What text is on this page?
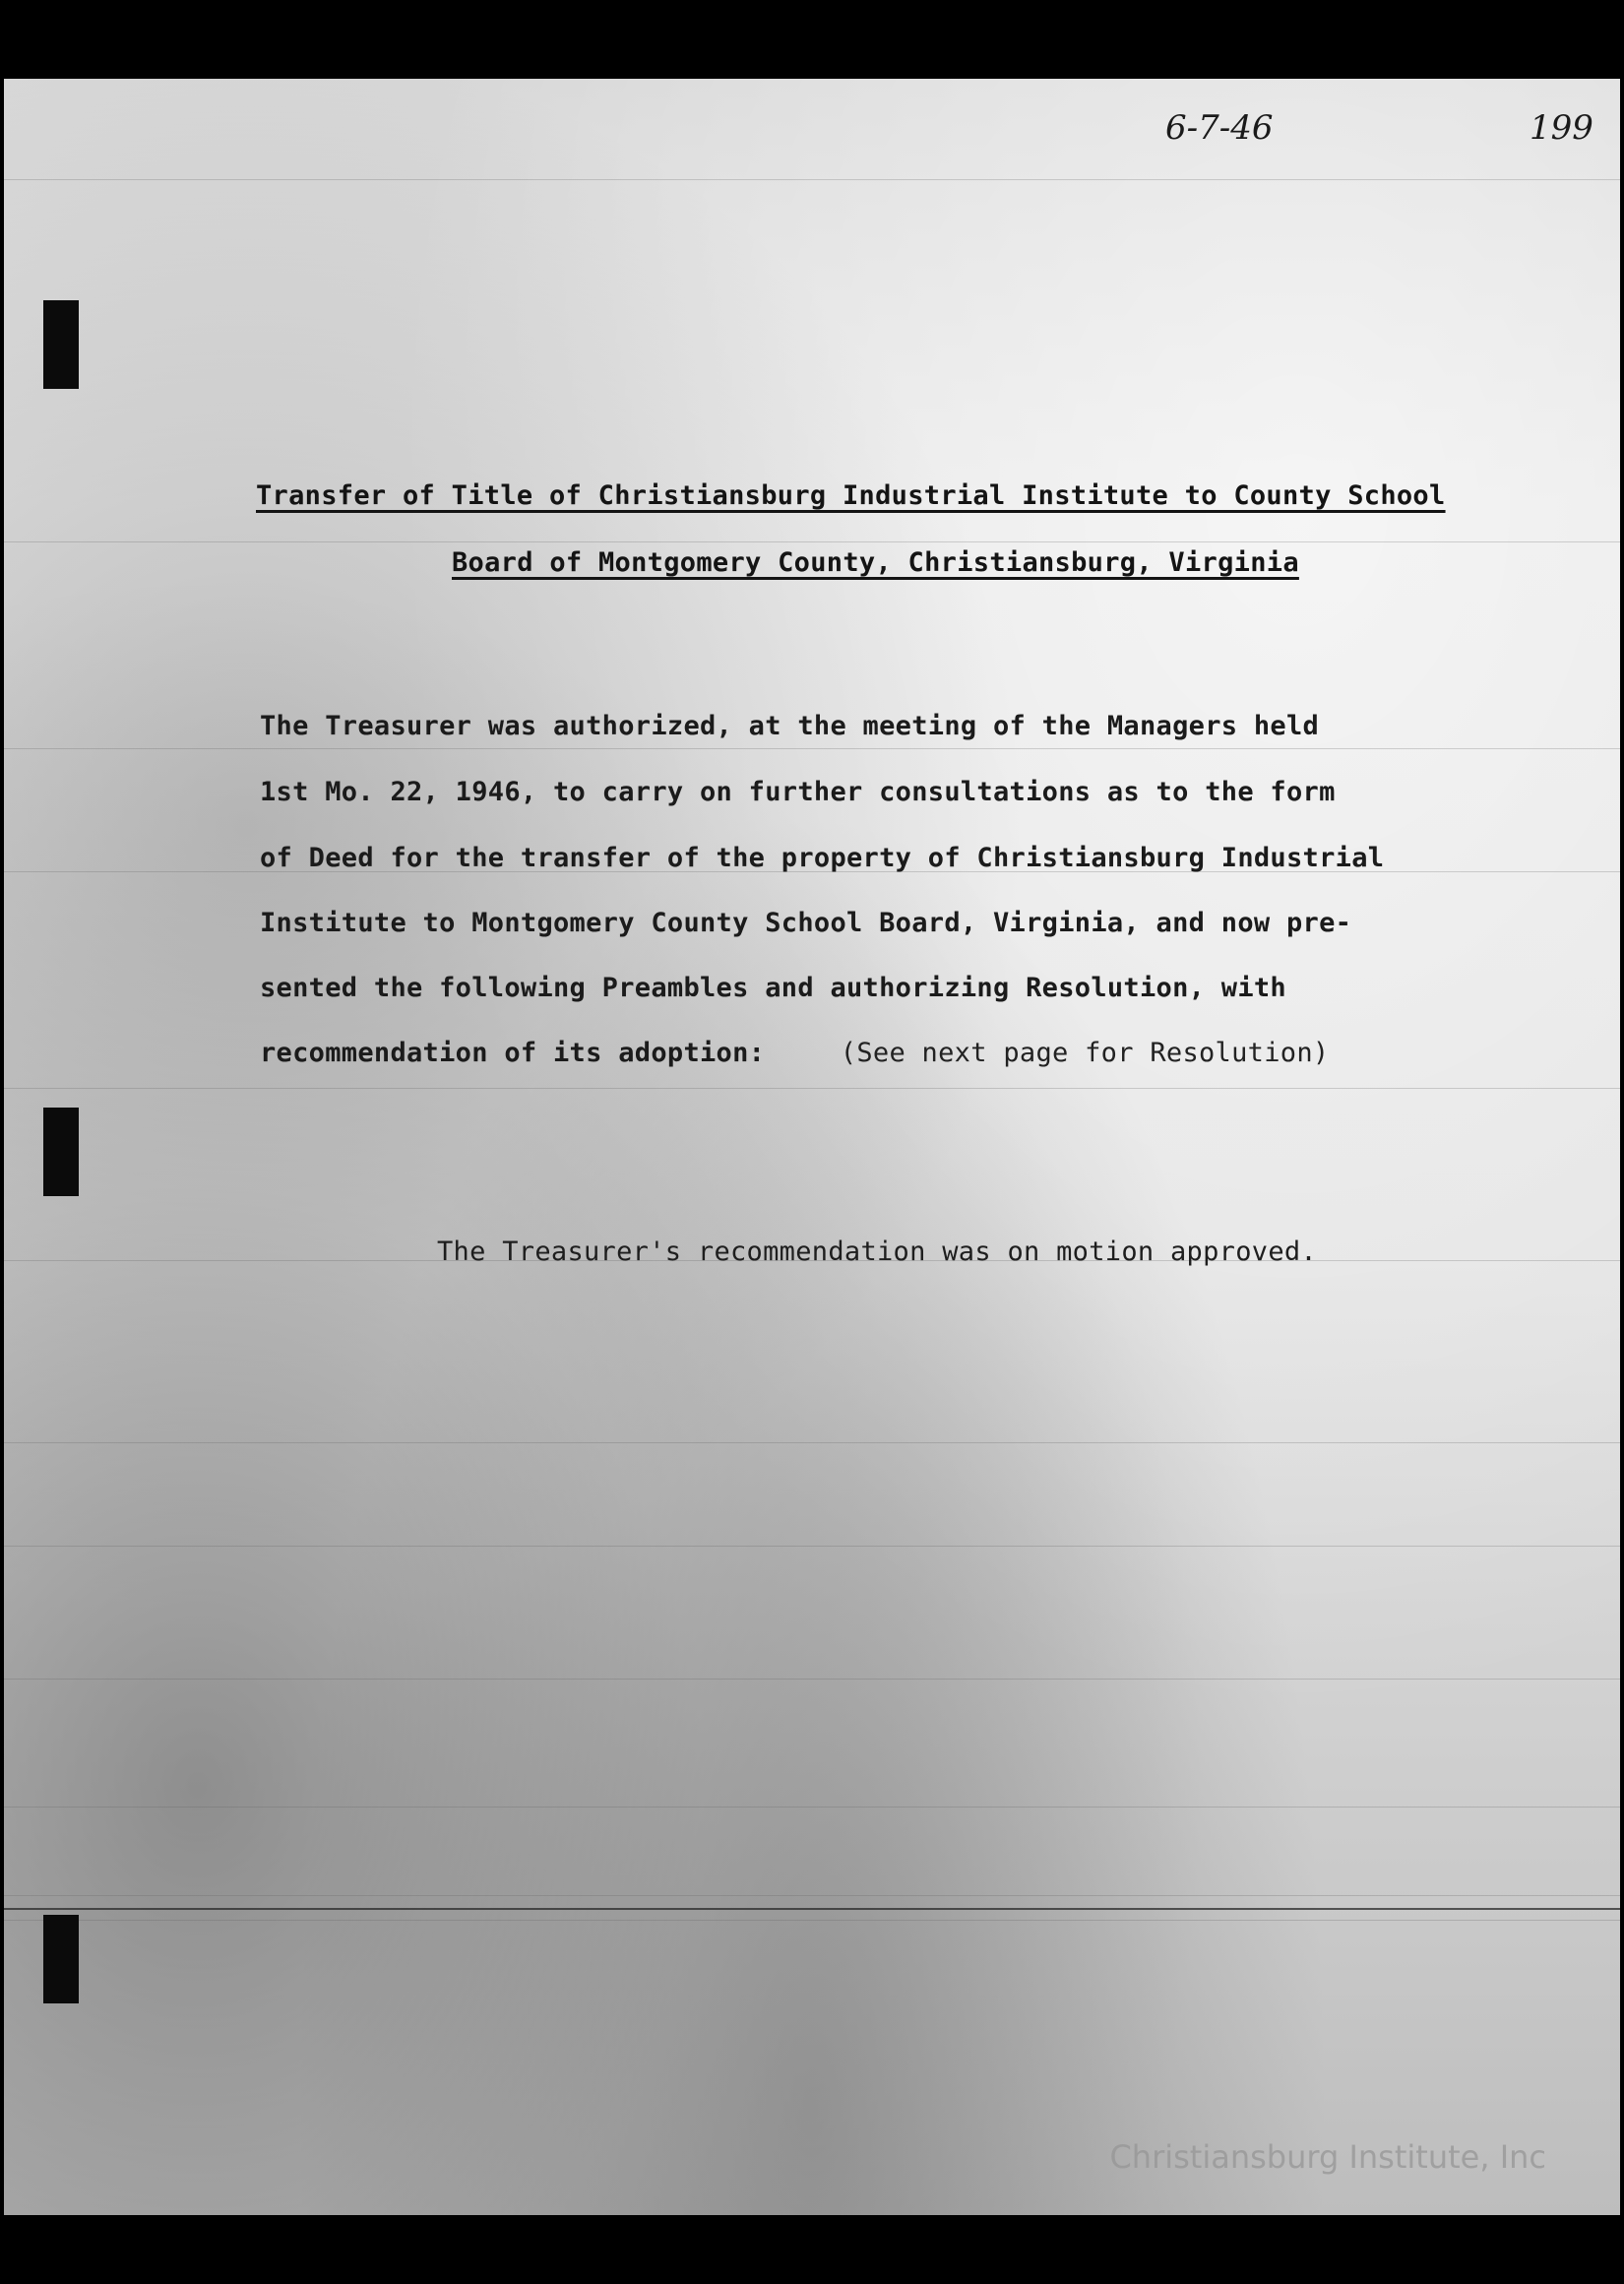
6-7-46	199
Transfer of Title of Christiansburg Industrial Institute to County School
Board of Montgomery County, Christiansburg, Virginia
The Treasurer was authorized, at the meeting of the Managers held
1st Mo. 22, 1946, to carry on further consultations as to the form
of Deed for the transfer of the property of Christiansburg Industrial
Institute to Montgomery County School Board, Virginia, and now pre-
sented the following Preambles and authorizing Resolution, with
recommendation of its adoption:	(See next page for Resolution)
The Treasurer's recommendation was on motion approved.
Christiansburg Institute, Inc
